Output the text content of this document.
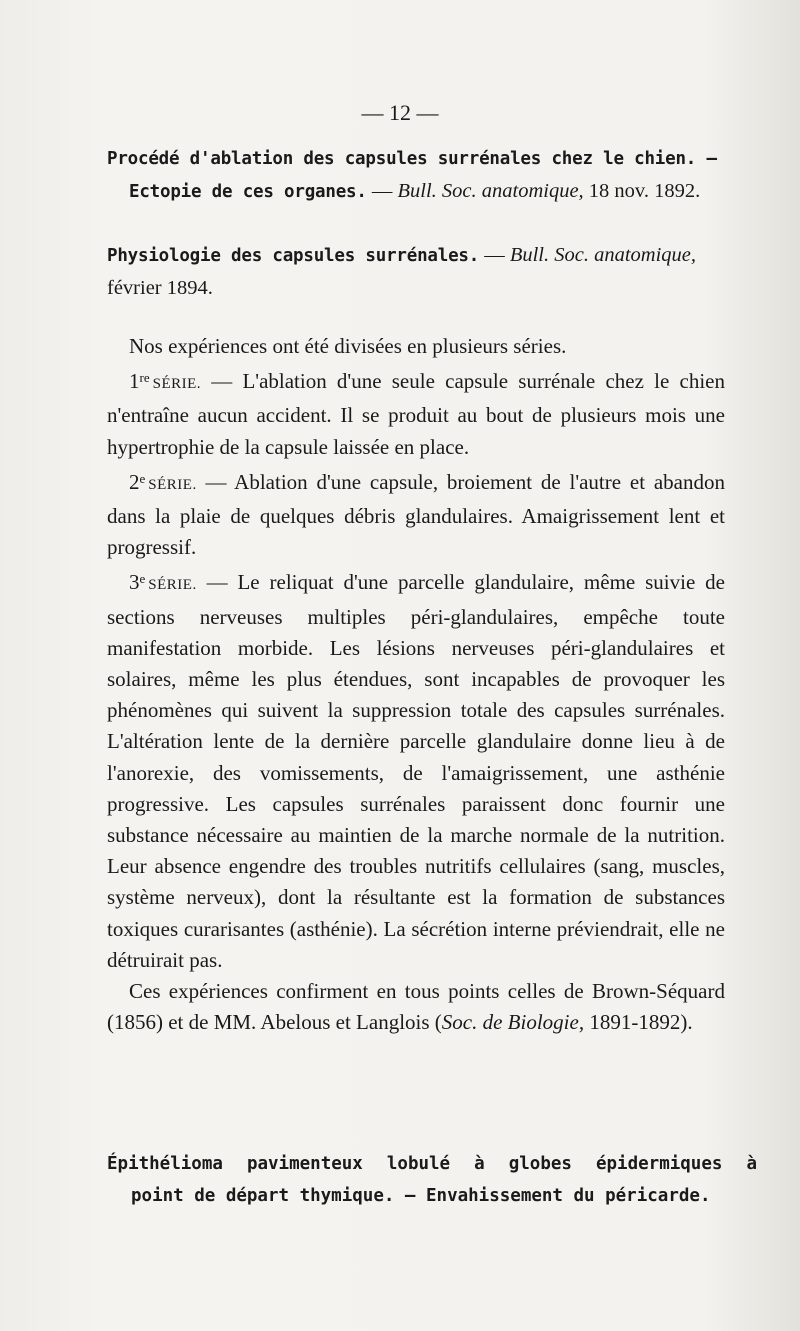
— 12 —

Procédé d'ablation des capsules surrénales chez le chien. —
Ectopie de ces organes. — Bull. Soc. anatomique, 18 nov. 1892.

Physiologie des capsules surrénales. — Bull. Soc. anatomique,
février 1894.

Nos expériences ont été divisées en plusieurs séries.

1re SÉRIE. — L'ablation d'une seule capsule surrénale chez le chien n'entraîne aucun accident. Il se produit au bout de plusieurs mois une hypertrophie de la capsule laissée en place.

2e SÉRIE. — Ablation d'une capsule, broiement de l'autre et abandon dans la plaie de quelques débris glandulaires. Amaigrissement lent et progressif.

3e SÉRIE. — Le reliquat d'une parcelle glandulaire, même suivie de sections nerveuses multiples péri-glandulaires, empêche toute manifestation morbide. Les lésions nerveuses péri-glandulaires et solaires, même les plus étendues, sont incapables de provoquer les phénomènes qui suivent la suppression totale des capsules surrénales. L'altération lente de la dernière parcelle glandulaire donne lieu à de l'anorexie, des vomissements, de l'amaigrissement, une asthénie progressive. Les capsules surrénales paraissent donc fournir une substance nécessaire au maintien de la marche normale de la nutrition. Leur absence engendre des troubles nutritifs cellulaires (sang, muscles, système nerveux), dont la résultante est la formation de substances toxiques curarisantes (asthénie). La sécrétion interne préviendrait, elle ne détruirait pas.

Ces expériences confirment en tous points celles de Brown-Séquard (1856) et de MM. Abelous et Langlois (Soc. de Biologie, 1891-1892).

Épithélioma pavimenteux lobulé à globes épidermiques à
point de départ thymique. — Envahissement du péricarde.
